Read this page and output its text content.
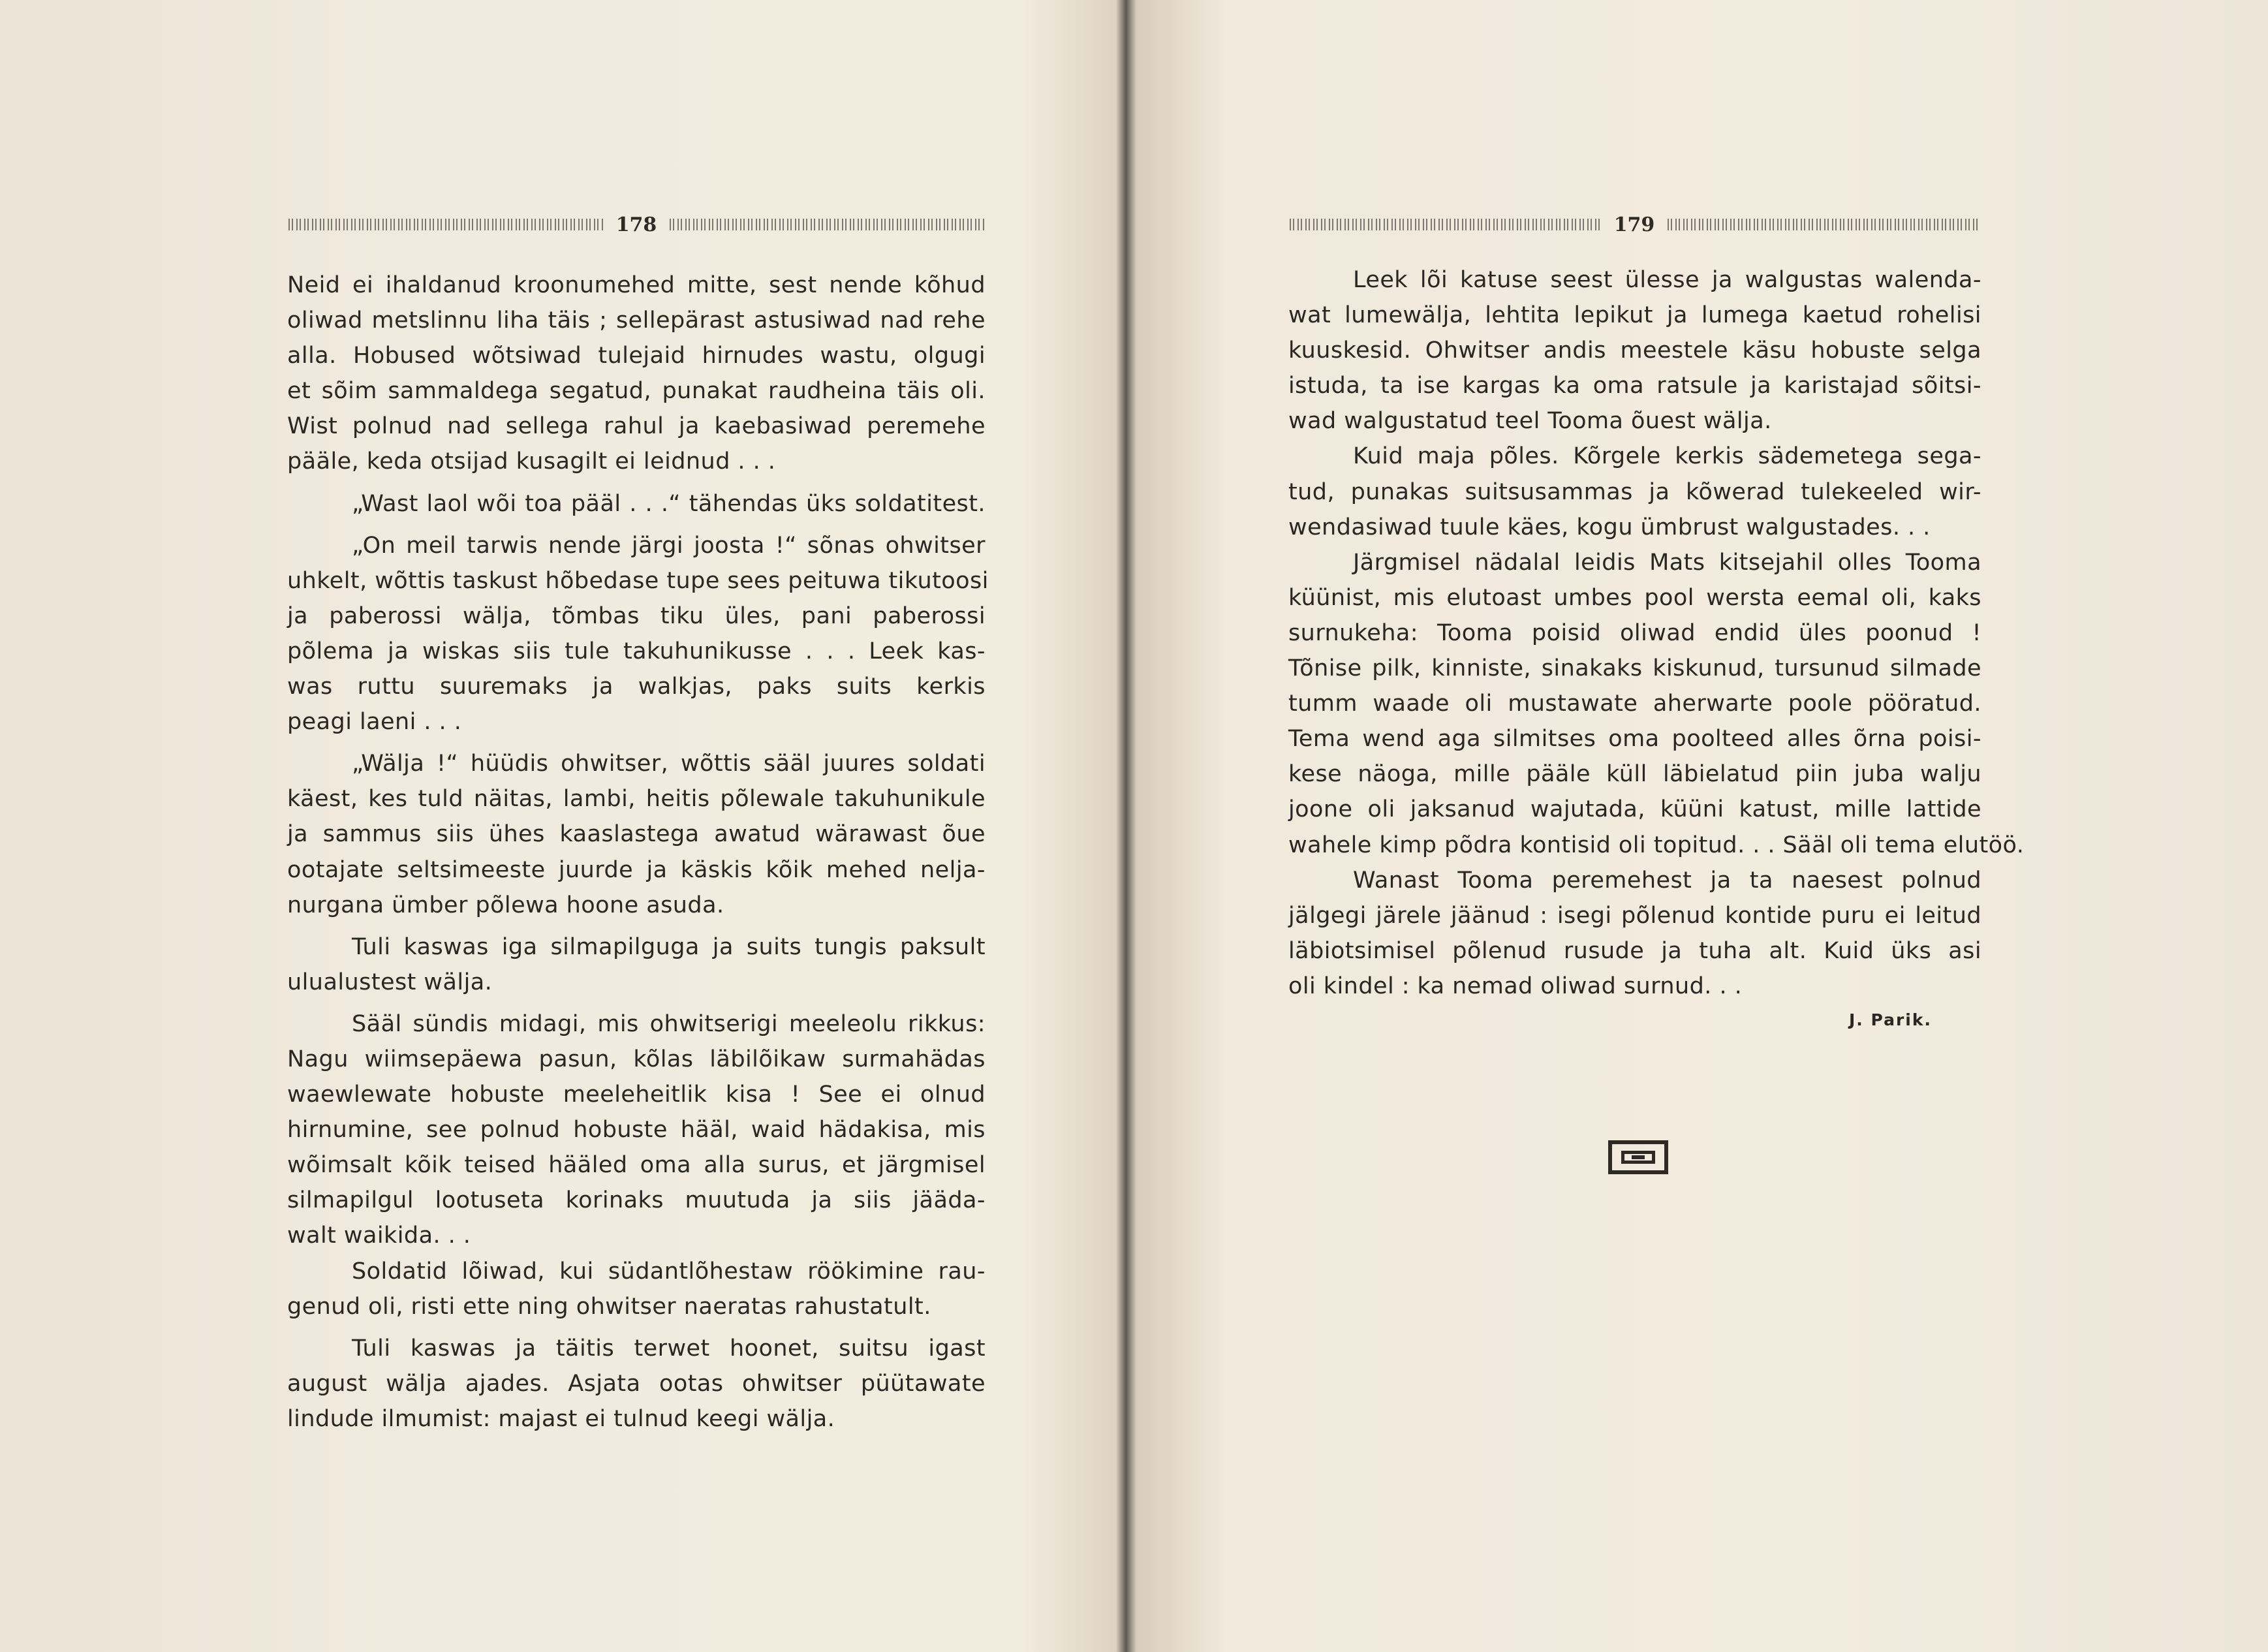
178
Neid ei ihaldanud kroonumehed mitte, sest nende kõhud
oliwad metslinnu liha täis ; sellepärast astusiwad nad rehe
alla. Hobused wõtsiwad tulejaid hirnudes wastu, olgugi
et sõim sammaldega segatud, punakat raudheina täis oli.
Wist polnud nad sellega rahul ja kaebasiwad peremehe
pääle, keda otsijad kusagilt ei leidnud . . .
„Wast laol wõi toa pääl . . .“ tähendas üks soldatitest.
„On meil tarwis nende järgi joosta !“ sõnas ohwitser
uhkelt, wõttis taskust hõbedase tupe sees peituwa tikutoosi
ja paberossi wälja, tõmbas tiku üles, pani paberossi
põlema ja wiskas siis tule takuhunikusse . . . Leek kas-
was ruttu suuremaks ja walkjas, paks suits kerkis
peagi laeni . . .
„Wälja !“ hüüdis ohwitser, wõttis sääl juures soldati
käest, kes tuld näitas, lambi, heitis põlewale takuhunikule
ja sammus siis ühes kaaslastega awatud wärawast õue
ootajate seltsimeeste juurde ja käskis kõik mehed nelja-
nurgana ümber põlewa hoone asuda.
Tuli kaswas iga silmapilguga ja suits tungis paksult
ulualustest wälja.
Sääl sündis midagi, mis ohwitserigi meeleolu rikkus:
Nagu wiimsepäewa pasun, kõlas läbilõikaw surmahädas
waewlewate hobuste meeleheitlik kisa ! See ei olnud
hirnumine, see polnud hobuste hääl, waid hädakisa, mis
wõimsalt kõik teised hääled oma alla surus, et järgmisel
silmapilgul lootuseta korinaks muutuda ja siis jääda-
walt waikida. . .
Soldatid lõiwad, kui südantlõhestaw röökimine rau-
genud oli, risti ette ning ohwitser naeratas rahustatult.
Tuli kaswas ja täitis terwet hoonet, suitsu igast
august wälja ajades. Asjata ootas ohwitser püütawate
lindude ilmumist: majast ei tulnud keegi wälja.
179
Leek lõi katuse seest ülesse ja walgustas walenda-
wat lumewälja, lehtita lepikut ja lumega kaetud rohelisi
kuuskesid. Ohwitser andis meestele käsu hobuste selga
istuda, ta ise kargas ka oma ratsule ja karistajad sõitsi-
wad walgustatud teel Tooma õuest wälja.
Kuid maja põles. Kõrgele kerkis sädemetega sega-
tud, punakas suitsusammas ja kõwerad tulekeeled wir-
wendasiwad tuule käes, kogu ümbrust walgustades. . .
Järgmisel nädalal leidis Mats kitsejahil olles Tooma
küünist, mis elutoast umbes pool wersta eemal oli, kaks
surnukeha: Tooma poisid oliwad endid üles poonud !
Tõnise pilk, kinniste, sinakaks kiskunud, tursunud silmade
tumm waade oli mustawate aherwarte poole pööratud.
Tema wend aga silmitses oma poolteed alles õrna poisi-
kese näoga, mille pääle küll läbielatud piin juba walju
joone oli jaksanud wajutada, küüni katust, mille lattide
wahele kimp põdra kontisid oli topitud. . . Sääl oli tema elutöö.
Wanast Tooma peremehest ja ta naesest polnud
jälgegi järele jäänud : isegi põlenud kontide puru ei leitud
läbiotsimisel põlenud rusude ja tuha alt. Kuid üks asi
oli kindel : ka nemad oliwad surnud. . .
J. Parik.
